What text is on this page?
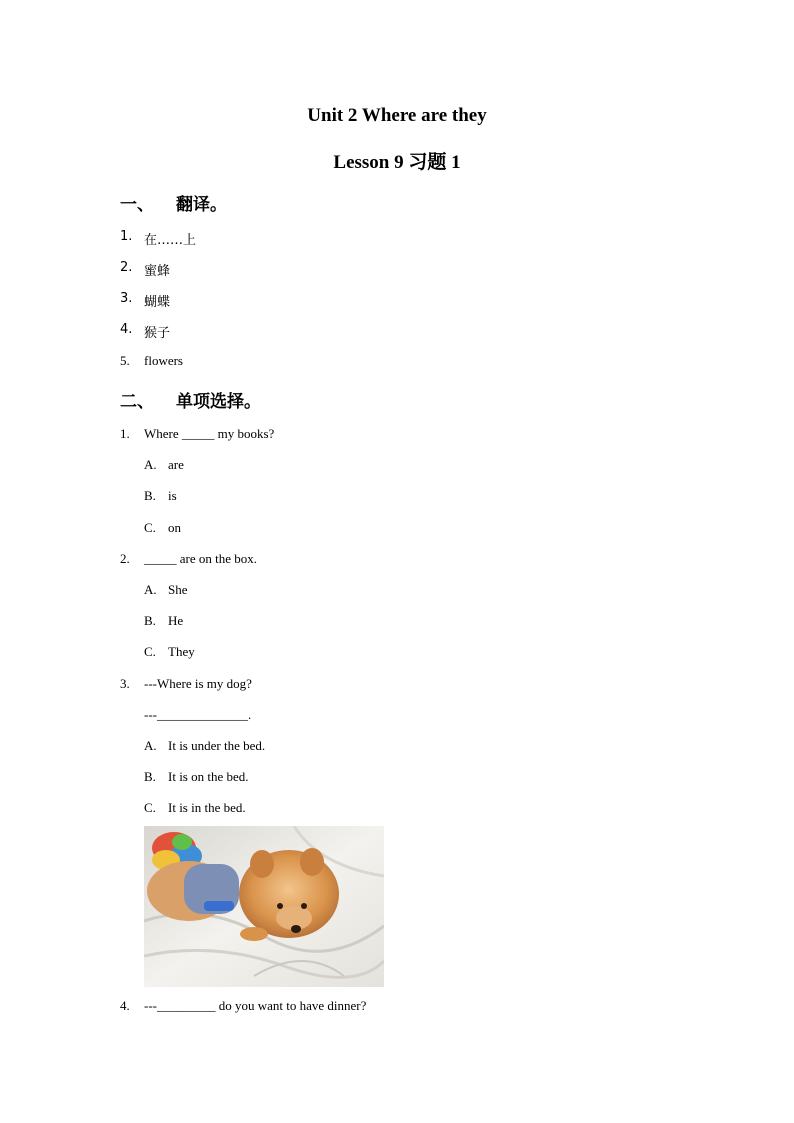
Unit 2 Where are they
Lesson 9 习题 1
一、 翻译。
1. 在……上
2. 蜜蜂
3. 蝴蝶
4. 猴子
5. flowers
二、 单项选择。
1. Where _____ my books?
A. are
B. is
C. on
2. _____ are on the box.
A. She
B. He
C. They
3. ---Where is my dog?
---______________.
A. It is under the bed.
B. It is on the bed.
C. It is in the bed.
4. ---_________ do you want to have dinner?
